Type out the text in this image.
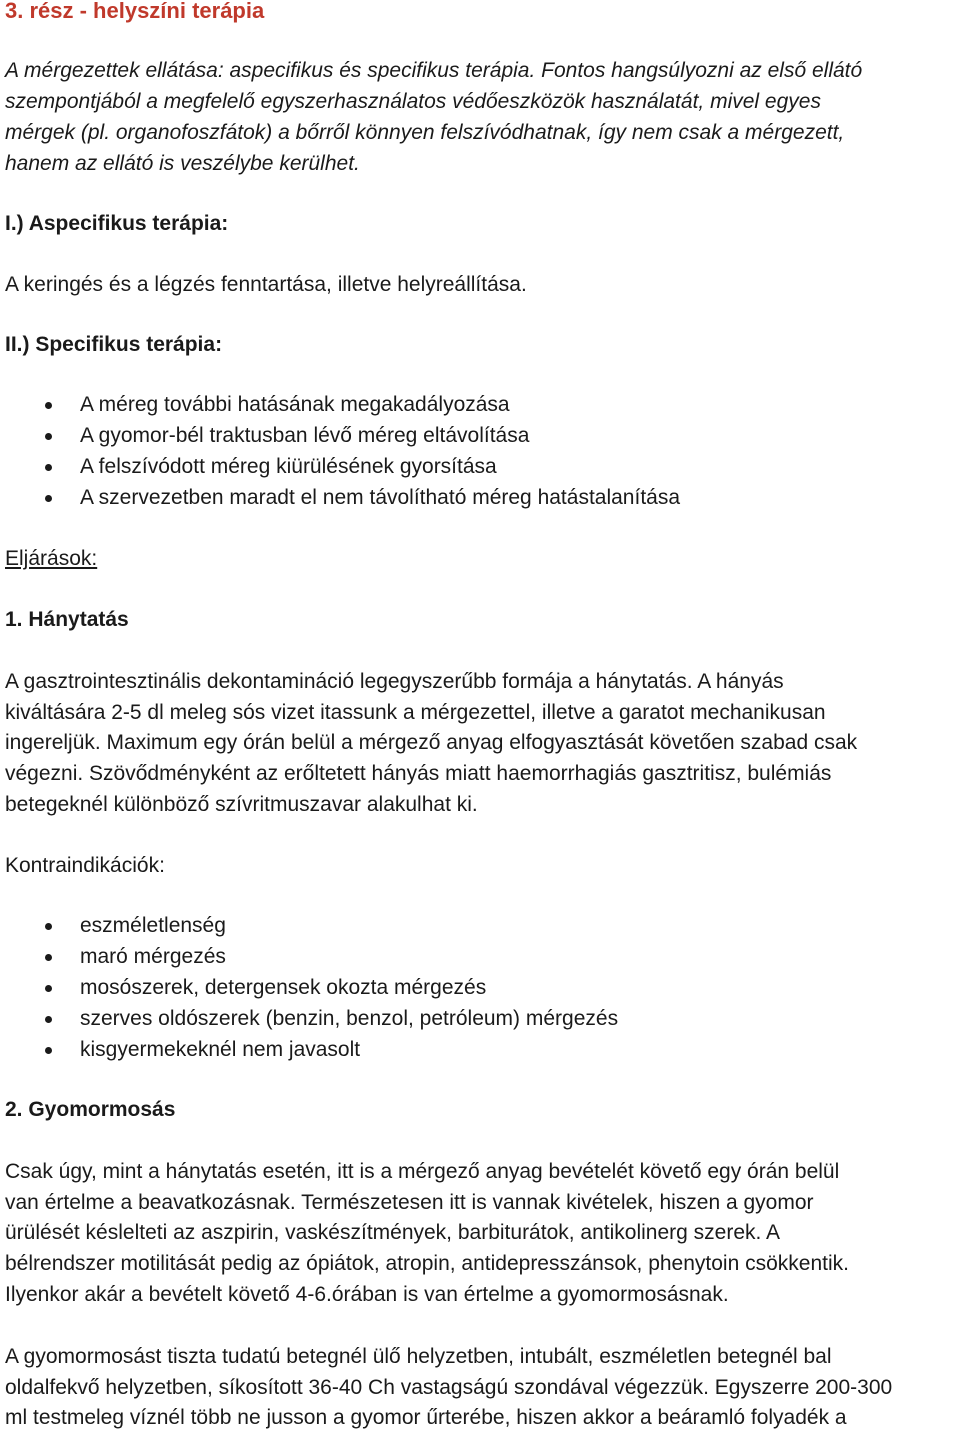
3. rész - helyszíni terápia
A mérgezettek ellátása: aspecifikus és specifikus terápia. Fontos hangsúlyozni az első ellátó
szempontjából a megfelelő egyszerhasználatos védőeszközök használatát, mivel egyes
mérgek (pl. organofoszfátok) a bőrről könnyen felszívódhatnak, így nem csak a mérgezett,
hanem az ellátó is veszélybe kerülhet.
I.) Aspecifikus terápia:
A keringés és a légzés fenntartása, illetve helyreállítása.
II.) Specifikus terápia:
A méreg további hatásának megakadályozása
A gyomor-bél traktusban lévő méreg eltávolítása
A felszívódott méreg kiürülésének gyorsítása
A szervezetben maradt el nem távolítható méreg hatástalanítása
Eljárások:
1. Hánytatás
A gasztrointesztinális dekontamináció legegyszerűbb formája a hánytatás. A hányás
kiváltására 2-5 dl meleg sós vizet itassunk a mérgezettel, illetve a garatot mechanikusan
ingereljük. Maximum egy órán belül a mérgező anyag elfogyasztását követően szabad csak
végezni. Szövődményként az erőltetett hányás miatt haemorrhagiás gasztritisz, bulémiás
betegeknél különböző szívritmuszavar alakulhat ki.
Kontraindikációk:
eszméletlenség
maró mérgezés
mosószerek, detergensek okozta mérgezés
szerves oldószerek (benzin, benzol, petróleum) mérgezés
kisgyermekeknél nem javasolt
2. Gyomormosás
Csak úgy, mint a hánytatás esetén, itt is a mérgező anyag bevételét követő egy órán belül
van értelme a beavatkozásnak. Természetesen itt is vannak kivételek, hiszen a gyomor
ürülését késlelteti az aszpirin, vaskészítmények, barbiturátok, antikolinerg szerek. A
bélrendszer motilitását pedig az ópiátok, atropin, antidepresszánsok, phenytoin csökkentik.
Ilyenkor akár a bevételt követő 4-6.órában is van értelme a gyomormosásnak.
A gyomormosást tiszta tudatú betegnél ülő helyzetben, intubált, eszméletlen betegnél bal
oldalfekvő helyzetben, síkosított 36-40 Ch vastagságú szondával végezzük. Egyszerre 200-300
ml testmeleg víznél több ne jusson a gyomor űrterébe, hiszen akkor a beáramló folyadék a
